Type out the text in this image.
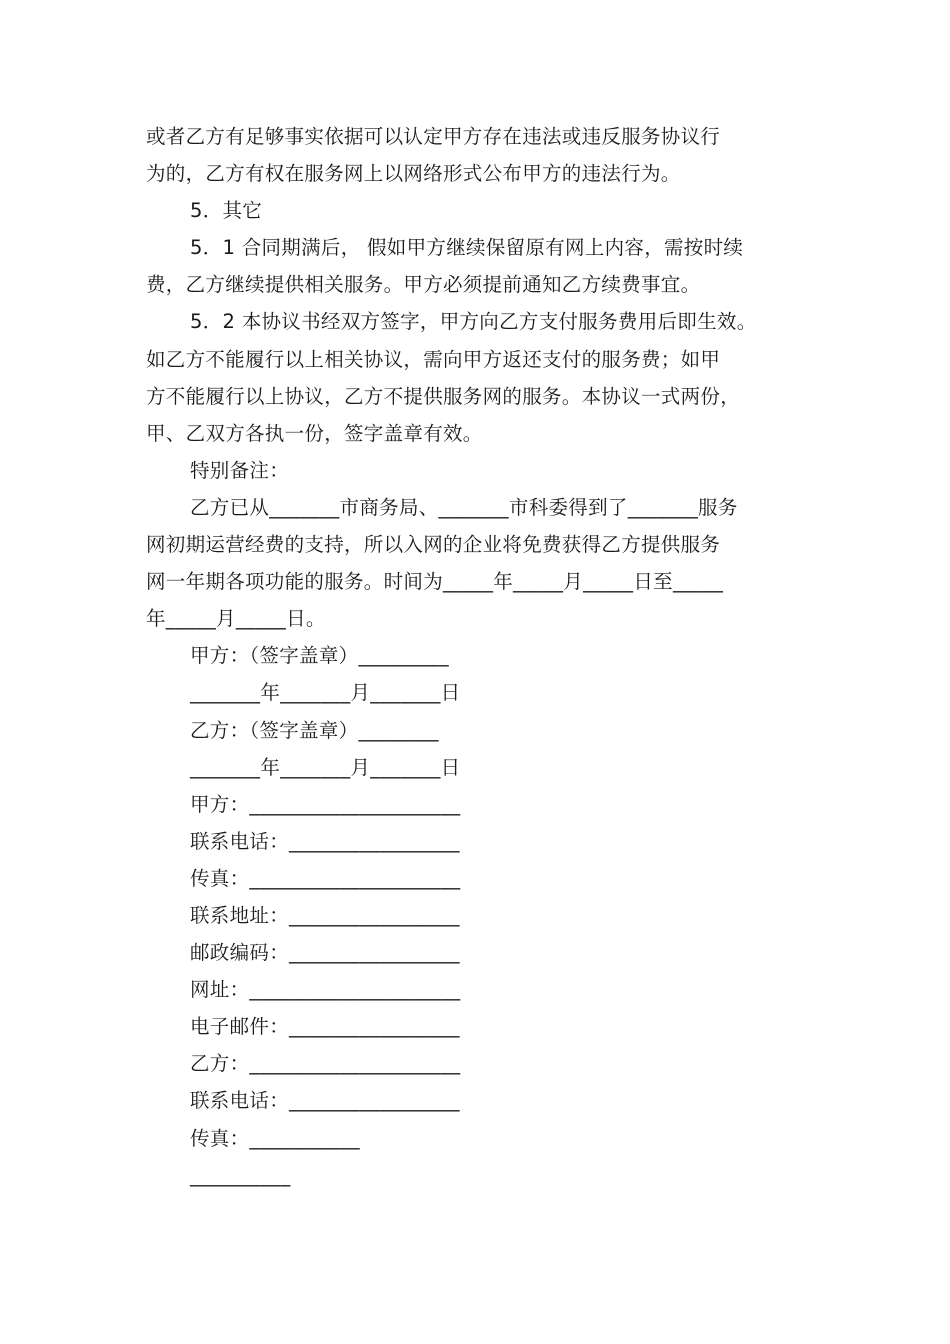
或者乙方有足够事实依据可以认定甲方存在违法或违反服务协议行

为的，乙方有权在服务网上以网络形式公布甲方的违法行为。

5．其它

5．1 合同期满后， 假如甲方继续保留原有网上内容，需按时续

费，乙方继续提供相关服务。甲方必须提前通知乙方续费事宜。

5．2 本协议书经双方签字，甲方向乙方支付服务费用后即生效。

如乙方不能履行以上相关协议，需向甲方返还支付的服务费；如甲

方不能履行以上协议，乙方不提供服务网的服务。本协议一式两份，

甲、乙双方各执一份，签字盖章有效。

特别备注：

乙方已从_______市商务局、_______市科委得到了_______服务

网初期运营经费的支持，所以入网的企业将免费获得乙方提供服务

网一年期各项功能的服务。时间为_____年_____月_____日至_____

年_____月_____日。

甲方：（签字盖章）_________

_______年_______月_______日

乙方：（签字盖章）________

_______年_______月_______日

甲方：_____________________

联系电话：_________________

传真：_____________________

联系地址：_________________

邮政编码：_________________

网址：_____________________

电子邮件：_________________

乙方：_____________________

联系电话：_________________

传真：___________

__________
